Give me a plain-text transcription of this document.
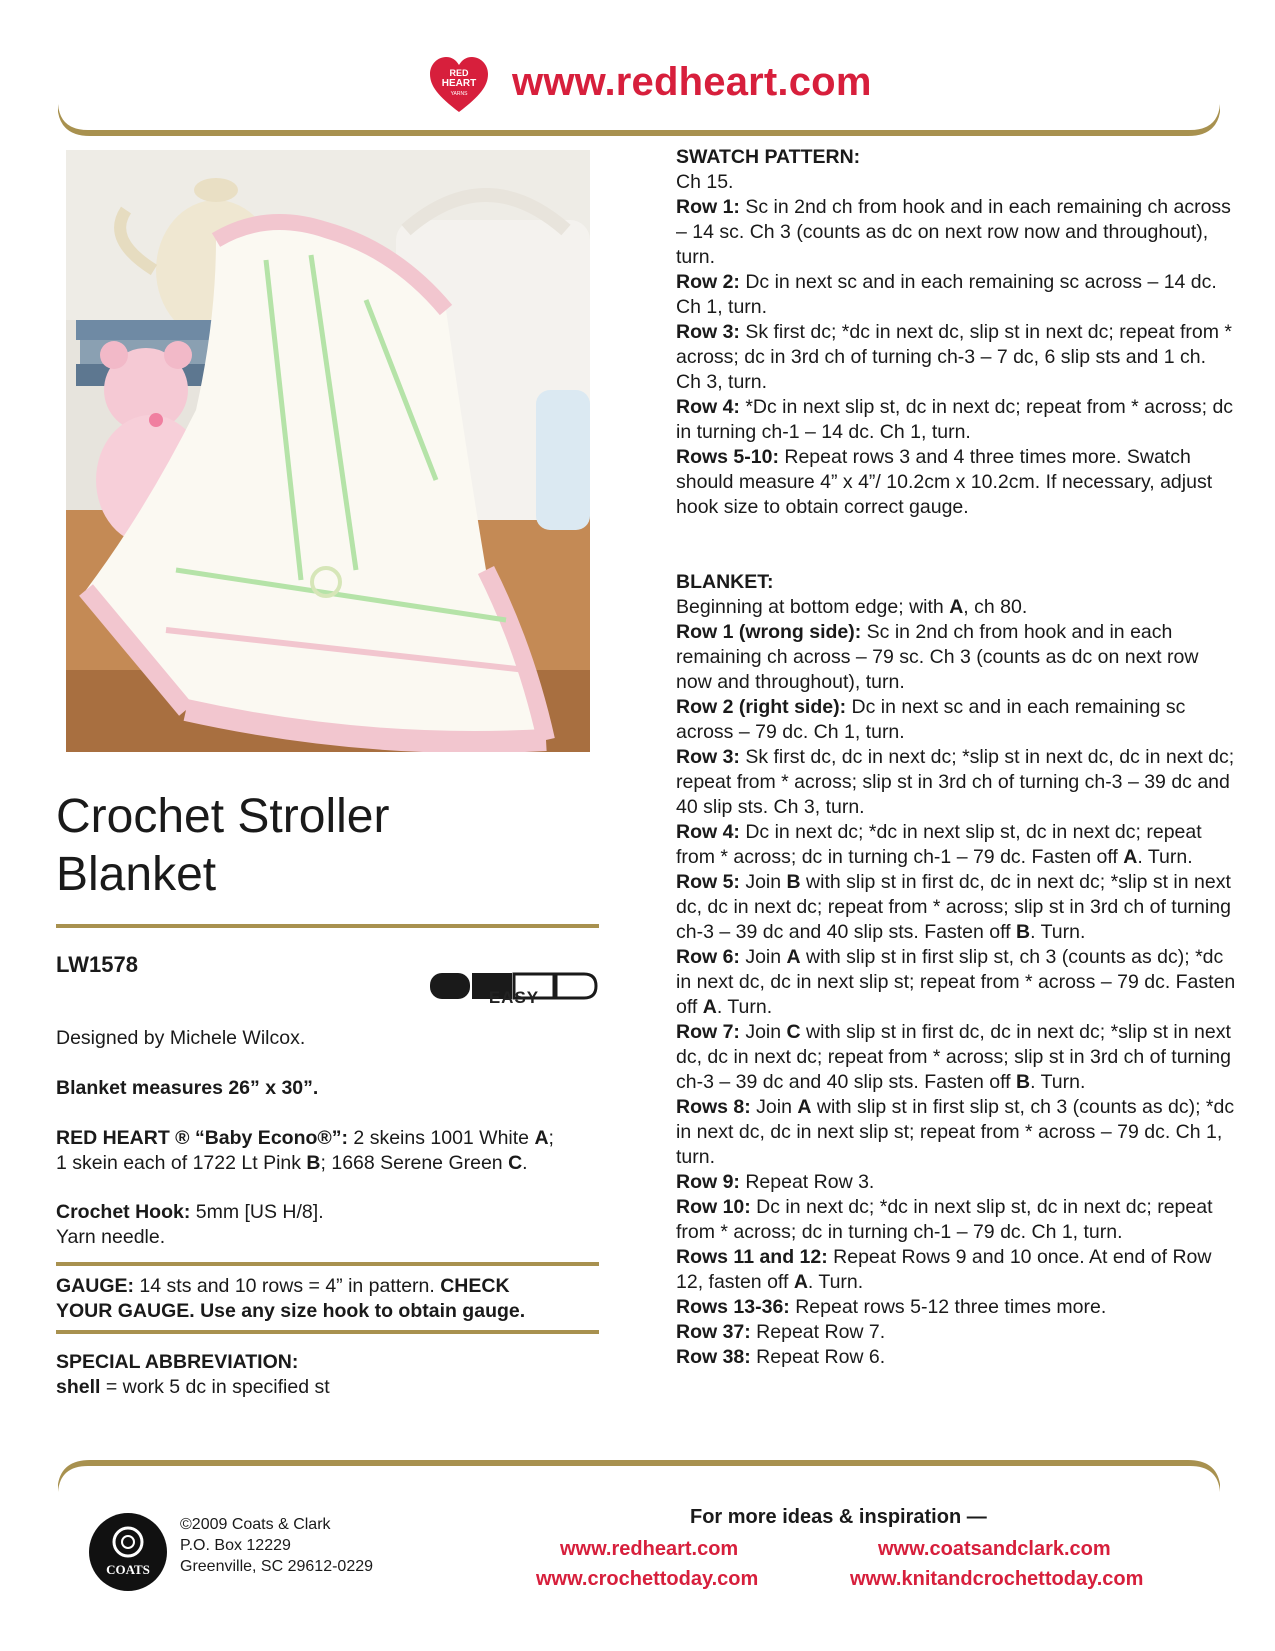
RED
HEART
YARNS www.redheart.com
Crochet Stroller
Blanket
LW1578
EASY
Designed by Michele Wilcox.
Blanket measures 26” x 30”.
RED HEART ® “Baby Econo®”: 2 skeins 1001 White A;
1 skein each of 1722 Lt Pink B; 1668 Serene Green C.
Crochet Hook: 5mm [US H/8].
Yarn needle.
GAUGE: 14 sts and 10 rows = 4” in pattern. CHECK
YOUR GAUGE. Use any size hook to obtain gauge.
SPECIAL ABBREVIATION:
shell = work 5 dc in specified st

SWATCH PATTERN:

Ch 15.

Row 1: Sc in 2nd ch from hook and in each remaining ch across – 14 sc. Ch 3 (counts as dc on next row now and throughout), turn.

Row 2: Dc in next sc and in each remaining sc across – 14 dc. Ch 1, turn.

Row 3: Sk first dc; *dc in next dc, slip st in next dc; repeat from * across; dc in 3rd ch of turning ch-3 – 7 dc, 6 slip sts and 1 ch. Ch 3, turn.

Row 4: *Dc in next slip st, dc in next dc; repeat from * across; dc in turning ch-1 – 14 dc. Ch 1, turn.

Rows 5-10: Repeat rows 3 and 4 three times more. Swatch should measure 4” x 4”/ 10.2cm x 10.2cm. If necessary, adjust hook size to obtain correct gauge.

BLANKET:

Beginning at bottom edge; with A, ch 80.

Row 1 (wrong side): Sc in 2nd ch from hook and in each remaining ch across – 79 sc. Ch 3 (counts as dc on next row now and throughout), turn.

Row 2 (right side): Dc in next sc and in each remaining sc across – 79 dc. Ch 1, turn.

Row 3: Sk first dc, dc in next dc; *slip st in next dc, dc in next dc; repeat from * across; slip st in 3rd ch of turning ch-3 – 39 dc and 40 slip sts. Ch 3, turn.

Row 4: Dc in next dc; *dc in next slip st, dc in next dc; repeat from * across; dc in turning ch-1 – 79 dc. Fasten off A. Turn.

Row 5: Join B with slip st in first dc, dc in next dc; *slip st in next dc, dc in next dc; repeat from * across; slip st in 3rd ch of turning ch-3 – 39 dc and 40 slip sts. Fasten off B. Turn.

Row 6: Join A with slip st in first slip st, ch 3 (counts as dc); *dc in next dc, dc in next slip st; repeat from * across – 79 dc. Fasten off A. Turn.

Row 7: Join C with slip st in first dc, dc in next dc; *slip st in next dc, dc in next dc; repeat from * across; slip st in 3rd ch of turning ch-3 – 39 dc and 40 slip sts. Fasten off B. Turn.

Rows 8: Join A with slip st in first slip st, ch 3 (counts as dc); *dc in next dc, dc in next slip st; repeat from * across – 79 dc. Ch 1, turn.

Row 9: Repeat Row 3.

Row 10: Dc in next dc; *dc in next slip st, dc in next dc; repeat from * across; dc in turning ch-1 – 79 dc. Ch 1, turn.

Rows 11 and 12: Repeat Rows 9 and 10 once. At end of Row 12, fasten off A. Turn.

Rows 13-36: Repeat rows 5-12 three times more.

Row 37: Repeat Row 7.

Row 38: Repeat Row 6.

COATS
©2009 Coats & Clark
P.O. Box 12229
Greenville, SC 29612-0229
For more ideas & inspiration —
www.redheart.com	www.coatsandclark.com
www.crochettoday.com	www.knitandcrochettoday.com
